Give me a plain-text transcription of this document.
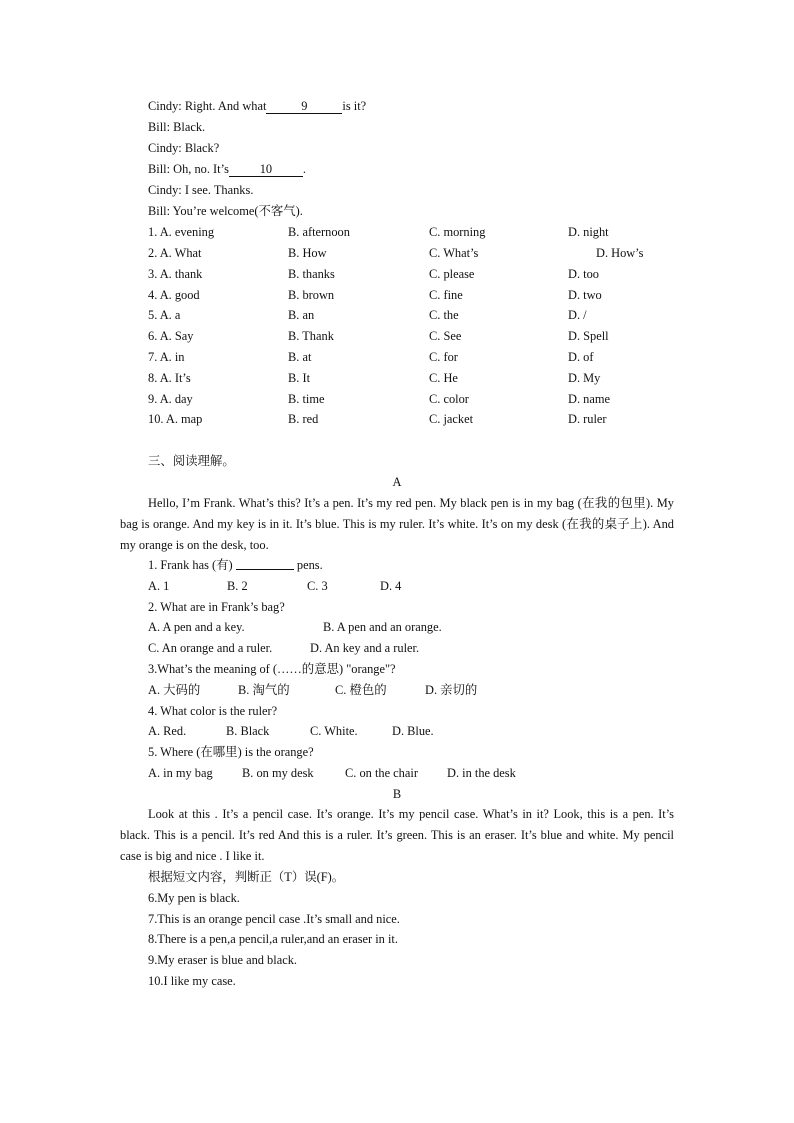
Cindy: Right. And what	9	is it?
Bill: Black.
Cindy: Black?
Bill: Oh, no. It’s 10 .
Cindy: I see. Thanks.
Bill: You’re welcome(不客气).
1. A. evening	B. afternoon	C. morning	D. night
2. A. What	B. How	C. What’s	D. How’s
3. A. thank	B. thanks	C. please	D. too
4. A. good	B. brown	C. fine	D. two
5. A. a	B. an	C. the	D. /
6. A. Say	B. Thank	C. See	D. Spell
7. A. in	B. at	C. for	D. of
8. A. It’s	B. It	C. He	D. My
9. A. day	B. time	C. color	D. name
10. A. map	B. red	C. jacket	D. ruler
三、阅读理解。
A
Hello, I’m Frank. What’s this? It’s a pen. It’s my red pen. My black pen is in my bag (在我的包里). My bag is orange. And my key is in it. It’s blue. This is my ruler. It’s white. It’s on my desk (在我的桌子上). And my orange is on the desk, too.
1. Frank has (有)	pens.
A. 1	B. 2	C. 3	D. 4
2. What are in Frank’s bag?
A. A pen and a key.	B. A pen and an orange.
C. An orange and a ruler.	D. An key and a ruler.
3.What’s the meaning of (……的意思) "orange"?
A. 大码的	B. 淘气的	C. 橙色的	D. 亲切的
4. What color is the ruler?
A. Red.	B. Black	C. White.	D. Blue.
5. Where (在哪里) is the orange?
A. in my bag B. on my desk	C. on the chair D. in the desk
B
Look at this . It’s a pencil case. It’s orange. It’s my pencil case. What’s in it? Look, this is a pen. It’s black. This is a pencil. It’s red And this is a ruler. It’s green. This is an eraser. It’s blue and white. My pencil case is big and nice . I like it.
根据短文内容，判断正（T）误(F)。
6.My pen is black.
7.This is an orange pencil case .It’s small and nice.
8.There is a pen,a pencil,a ruler,and an eraser in it.
9.My eraser is blue and black.
10.I like my case.
